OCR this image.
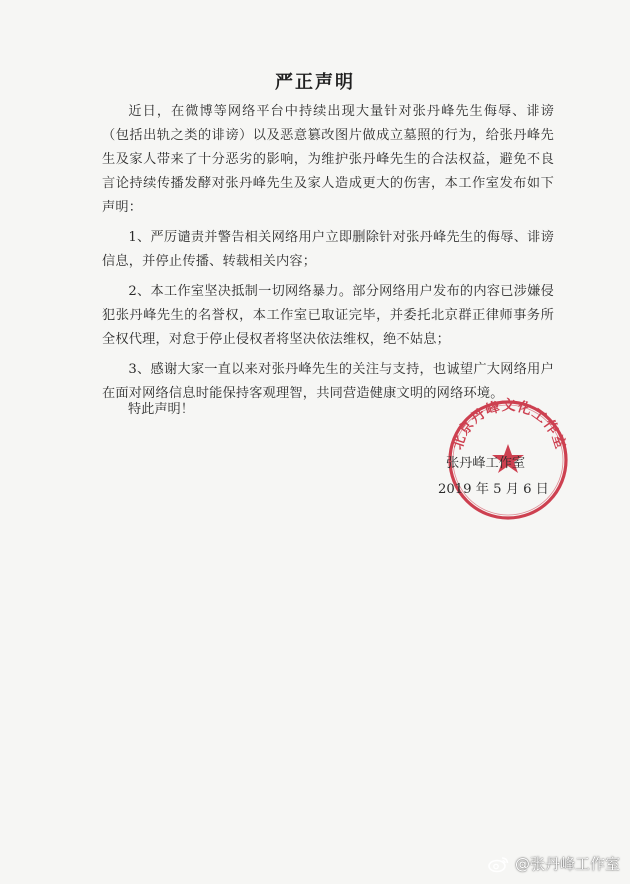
严正声明

近日，在微博等网络平台中持续出现大量针对张丹峰先生侮辱、诽谤（包括出轨之类的诽谤）以及恶意篡改图片做成立墓照的行为，给张丹峰先生及家人带来了十分恶劣的影响，为维护张丹峰先生的合法权益，避免不良言论持续传播发酵对张丹峰先生及家人造成更大的伤害，本工作室发布如下声明：

1、严厉谴责并警告相关网络用户立即删除针对张丹峰先生的侮辱、诽谤信息，并停止传播、转载相关内容；

2、本工作室坚决抵制一切网络暴力。部分网络用户发布的内容已涉嫌侵犯张丹峰先生的名誉权，本工作室已取证完毕，并委托北京群正律师事务所全权代理，对怠于停止侵权者将坚决依法维权，绝不姑息；

3、感谢大家一直以来对张丹峰先生的关注与支持，也诚望广大网络用户在面对网络信息时能保持客观理智，共同营造健康文明的网络环境。

特此声明！
北京丹峰文化工作室
张丹峰工作室
2019 年 5 月 6 日
@张丹峰工作室
